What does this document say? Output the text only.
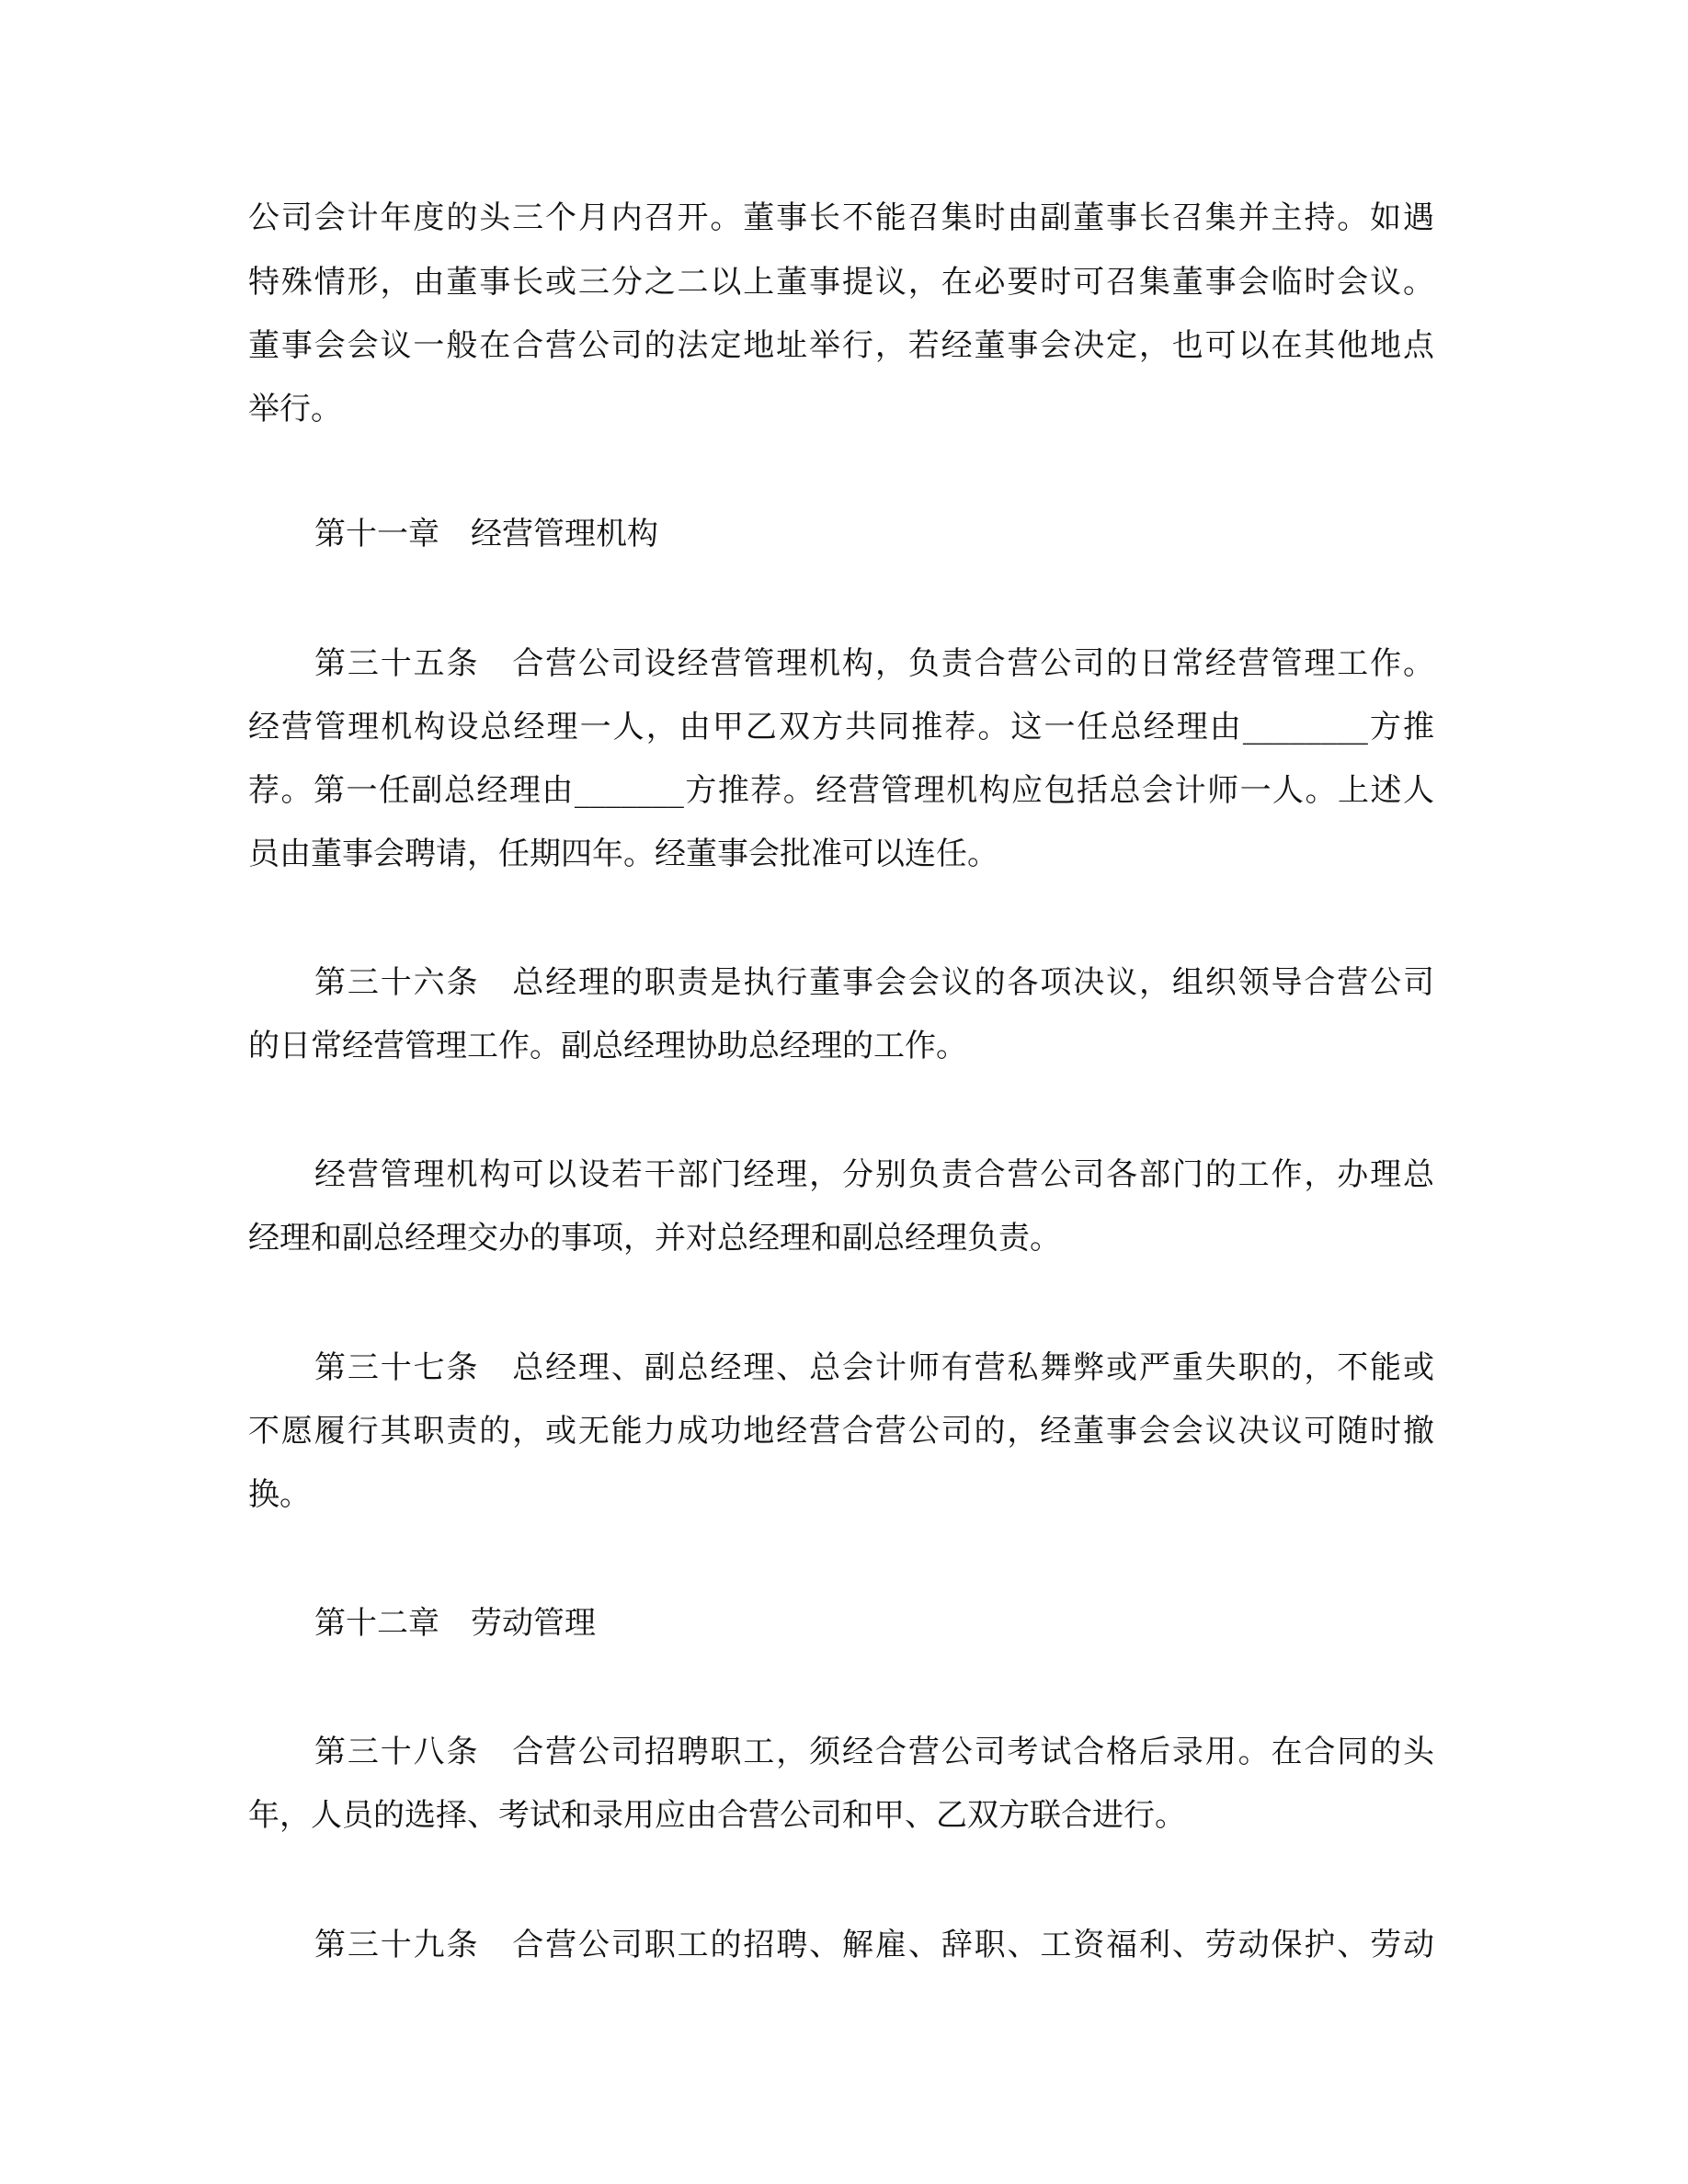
公司会计年度的头三个月内召开。董事长不能召集时由副董事长召集并主持。如遇

特殊情形，由董事长或三分之二以上董事提议，在必要时可召集董事会临时会议。

董事会会议一般在合营公司的法定地址举行，若经董事会决定，也可以在其他地点

举行。

第十一章　经营管理机构

第三十五条　合营公司设经营管理机构，负责合营公司的日常经营管理工作。

经营管理机构设总经理一人，由甲乙双方共同推荐。这一任总经理由________方推

荐。第一任副总经理由_______方推荐。经营管理机构应包括总会计师一人。上述人

员由董事会聘请，任期四年。经董事会批准可以连任。

第三十六条　总经理的职责是执行董事会会议的各项决议，组织领导合营公司

的日常经营管理工作。副总经理协助总经理的工作。

经营管理机构可以设若干部门经理，分别负责合营公司各部门的工作，办理总

经理和副总经理交办的事项，并对总经理和副总经理负责。

第三十七条　总经理、副总经理、总会计师有营私舞弊或严重失职的，不能或

不愿履行其职责的，或无能力成功地经营合营公司的，经董事会会议决议可随时撤

换。

第十二章　劳动管理

第三十八条　合营公司招聘职工，须经合营公司考试合格后录用。在合同的头

年，人员的选择、考试和录用应由合营公司和甲、乙双方联合进行。

第三十九条　合营公司职工的招聘、解雇、辞职、工资福利、劳动保护、劳动
